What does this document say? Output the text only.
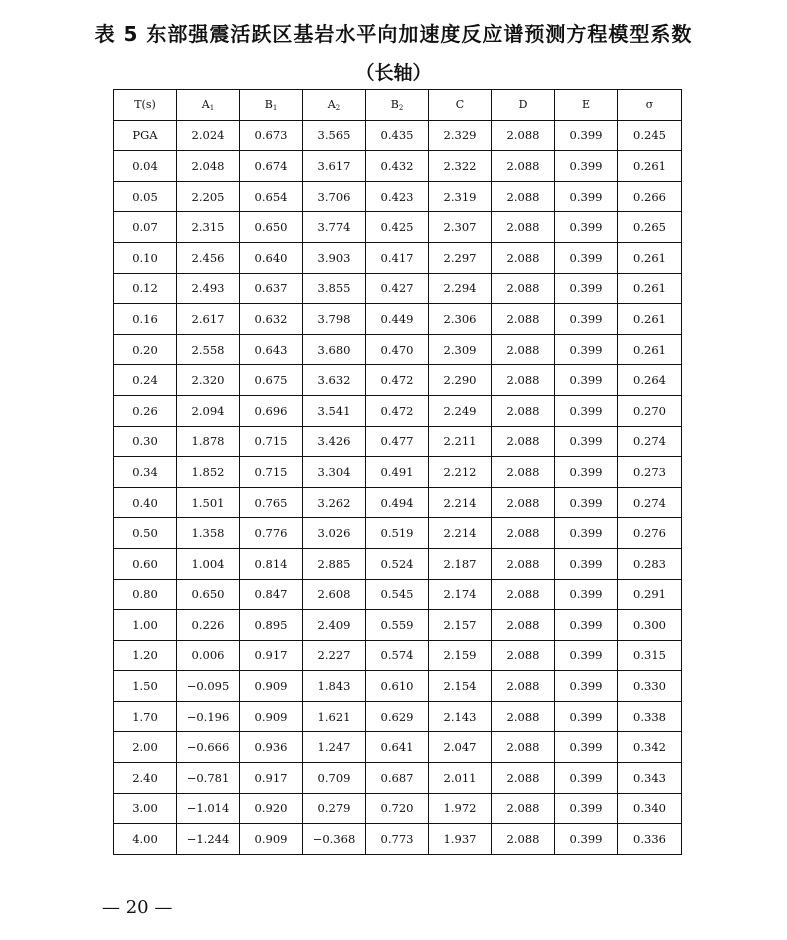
表 5 东部强震活跃区基岩水平向加速度反应谱预测方程模型系数
（长轴）
T(s)	$A_1$	$B_1$	$A_2$	$B_2$	C	D	E	σ
PGA	2.024	0.673	3.565	0.435	2.329	2.088	0.399	0.245
0.04	2.048	0.674	3.617	0.432	2.322	2.088	0.399	0.261
0.05	2.205	0.654	3.706	0.423	2.319	2.088	0.399	0.266
0.07	2.315	0.650	3.774	0.425	2.307	2.088	0.399	0.265
0.10	2.456	0.640	3.903	0.417	2.297	2.088	0.399	0.261
0.12	2.493	0.637	3.855	0.427	2.294	2.088	0.399	0.261
0.16	2.617	0.632	3.798	0.449	2.306	2.088	0.399	0.261
0.20	2.558	0.643	3.680	0.470	2.309	2.088	0.399	0.261
0.24	2.320	0.675	3.632	0.472	2.290	2.088	0.399	0.264
0.26	2.094	0.696	3.541	0.472	2.249	2.088	0.399	0.270
0.30	1.878	0.715	3.426	0.477	2.211	2.088	0.399	0.274
0.34	1.852	0.715	3.304	0.491	2.212	2.088	0.399	0.273
0.40	1.501	0.765	3.262	0.494	2.214	2.088	0.399	0.274
0.50	1.358	0.776	3.026	0.519	2.214	2.088	0.399	0.276
0.60	1.004	0.814	2.885	0.524	2.187	2.088	0.399	0.283
0.80	0.650	0.847	2.608	0.545	2.174	2.088	0.399	0.291
1.00	0.226	0.895	2.409	0.559	2.157	2.088	0.399	0.300
1.20	0.006	0.917	2.227	0.574	2.159	2.088	0.399	0.315
1.50	−0.095	0.909	1.843	0.610	2.154	2.088	0.399	0.330
1.70	−0.196	0.909	1.621	0.629	2.143	2.088	0.399	0.338
2.00	−0.666	0.936	1.247	0.641	2.047	2.088	0.399	0.342
2.40	−0.781	0.917	0.709	0.687	2.011	2.088	0.399	0.343
3.00	−1.014	0.920	0.279	0.720	1.972	2.088	0.399	0.340
4.00	−1.244	0.909	−0.368	0.773	1.937	2.088	0.399	0.336
— 20 —
